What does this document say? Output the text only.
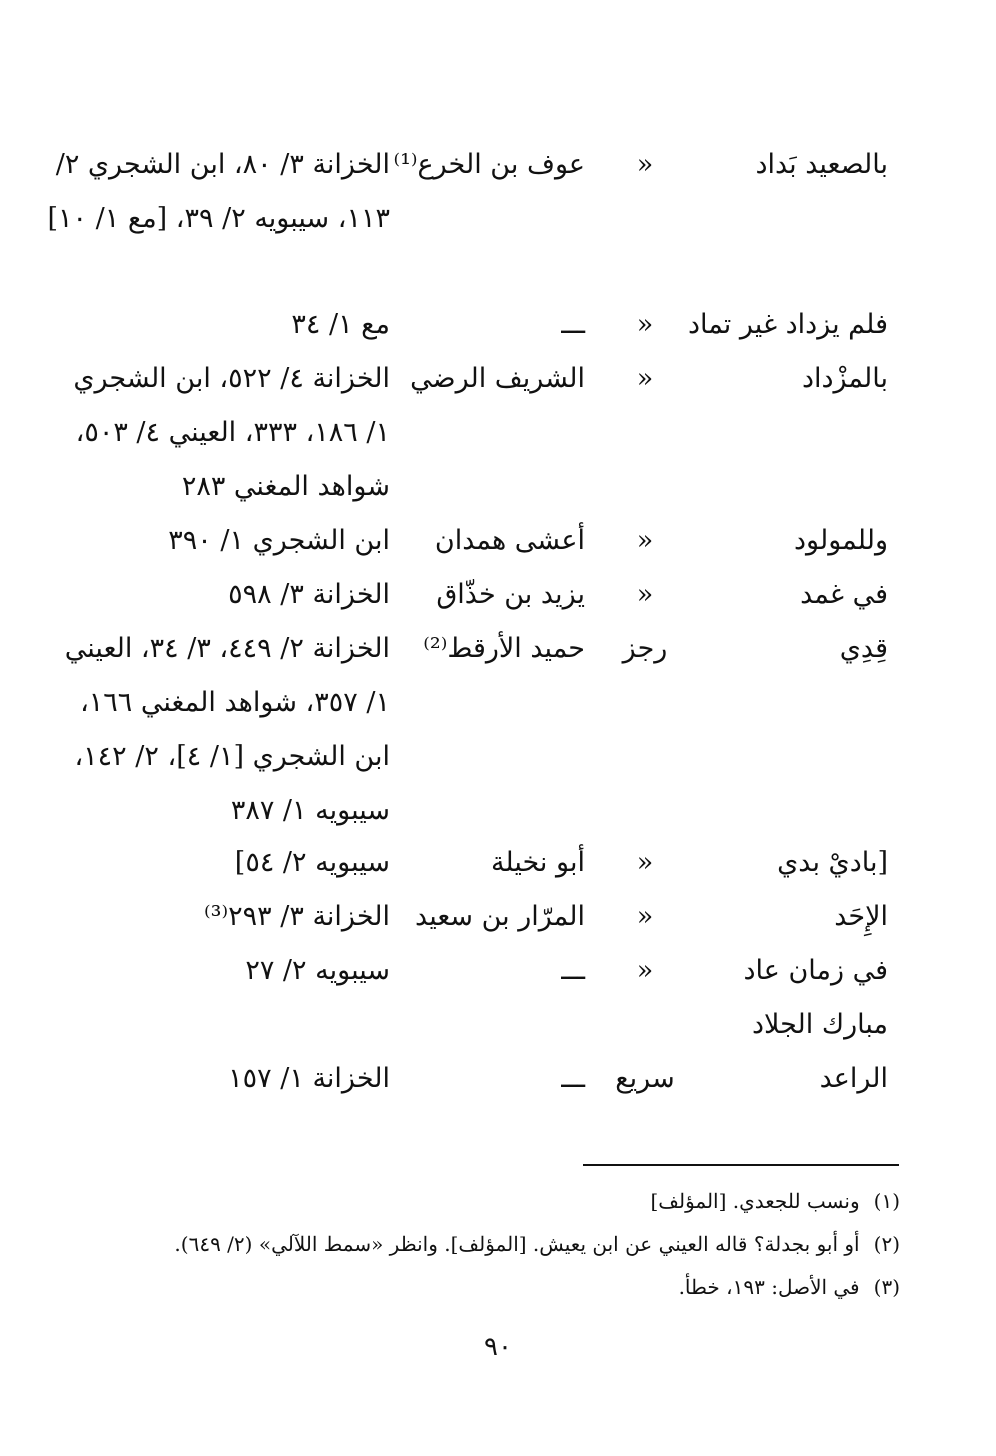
بالصعيد بَداد
«
عوف بن الخرع⁽¹⁾
الخزانة ٣/ ٨٠، ابن الشجري ٢/ ١١٣، سيبويه ٢/ ٣٩، [مع ١/ ١٠]
فلم يزداد غير تماد
«
ـــ
مع ١/ ٣٤
بالمزْداد
«
الشريف الرضي
الخزانة ٤/ ٥٢٢، ابن الشجري ١/ ١٨٦، ٣٣٣، العيني ٤/ ٥٠٣، شواهد المغني ٢٨٣
وللمولود
«
أعشى همدان
ابن الشجري ١/ ٣٩٠
في غمد
«
يزيد بن خذّاق
الخزانة ٣/ ٥٩٨
قِدِي
رجز
حميد الأرقط⁽²⁾
الخزانة ٢/ ٤٤٩، ٣/ ٣٤، العيني ١/ ٣٥٧، شواهد المغني ١٦٦، ابن الشجري [١/ ٤]، ٢/ ١٤٢، سيبويه ١/ ٣٨٧
[باديْ بدي
«
أبو نخيلة
سيبويه ٢/ ٥٤]
الإِحَد
«
المرّار بن سعيد
الخزانة ٣/ ٢٩٣⁽³⁾
في زمان عاد
«
ـــ
سيبويه ٢/ ٢٧
مبارك الجلاد
الراعد
سريع
ـــ
الخزانة ١/ ١٥٧
(١)ونسب للجعدي. [المؤلف]
(٢)أو أبو بجدلة؟ قاله العيني عن ابن يعيش. [المؤلف]. وانظر «سمط اللآلي» (٢/ ٦٤٩).
(٣)في الأصل: ١٩٣، خطأ.
٩٠
